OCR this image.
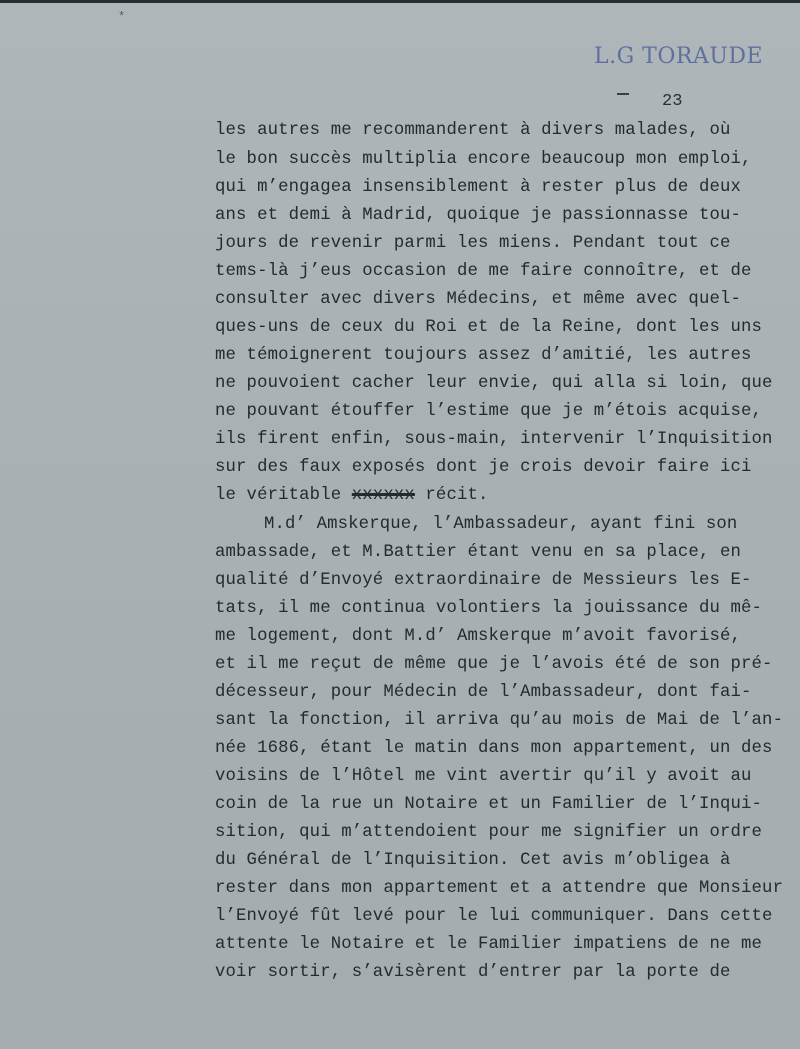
*
L.G TORAUDE
23
les autres me recommanderent à divers malades, où
le bon succès multiplia encore beaucoup mon emploi,
qui m’engagea insensiblement à rester plus de deux
ans et demi à Madrid, quoique je passionnasse tou-
jours de revenir parmi les miens. Pendant tout ce
tems-là j’eus occasion de me faire connoître, et de
consulter avec divers Médecins, et même avec quel-
ques-uns de ceux du Roi et de la Reine, dont les uns
me témoignerent toujours assez d’amitié, les autres
ne pouvoient cacher leur envie, qui alla si loin, que
ne pouvant étouffer l’estime que je m’étois acquise,
ils firent enfin, sous-main, intervenir l’Inquisition
sur des faux exposés dont je crois devoir faire ici
le véritable xxxxxx récit.
M.d’ Amskerque, l’Ambassadeur, ayant fini son
ambassade, et M.Battier étant venu en sa place, en
qualité d’Envoyé extraordinaire de Messieurs les E-
tats, il me continua volontiers la jouissance du mê-
me logement, dont M.d’ Amskerque m’avoit favorisé,
et il me reçut de même que je l’avois été de son pré-
décesseur, pour Médecin de l’Ambassadeur, dont fai-
sant la fonction, il arriva qu’au mois de Mai de l’an-
née 1686, étant le matin dans mon appartement, un des
voisins de l’Hôtel me vint avertir qu’il y avoit au
coin de la rue un Notaire et un Familier de l’Inqui-
sition, qui m’attendoient pour me signifier un ordre
du Général de l’Inquisition. Cet avis m’obligea à
rester dans mon appartement et a attendre que Monsieur
l’Envoyé fût levé pour le lui communiquer. Dans cette
attente le Notaire et le Familier impatiens de ne me
voir sortir, s’avisèrent d’entrer par la porte de
